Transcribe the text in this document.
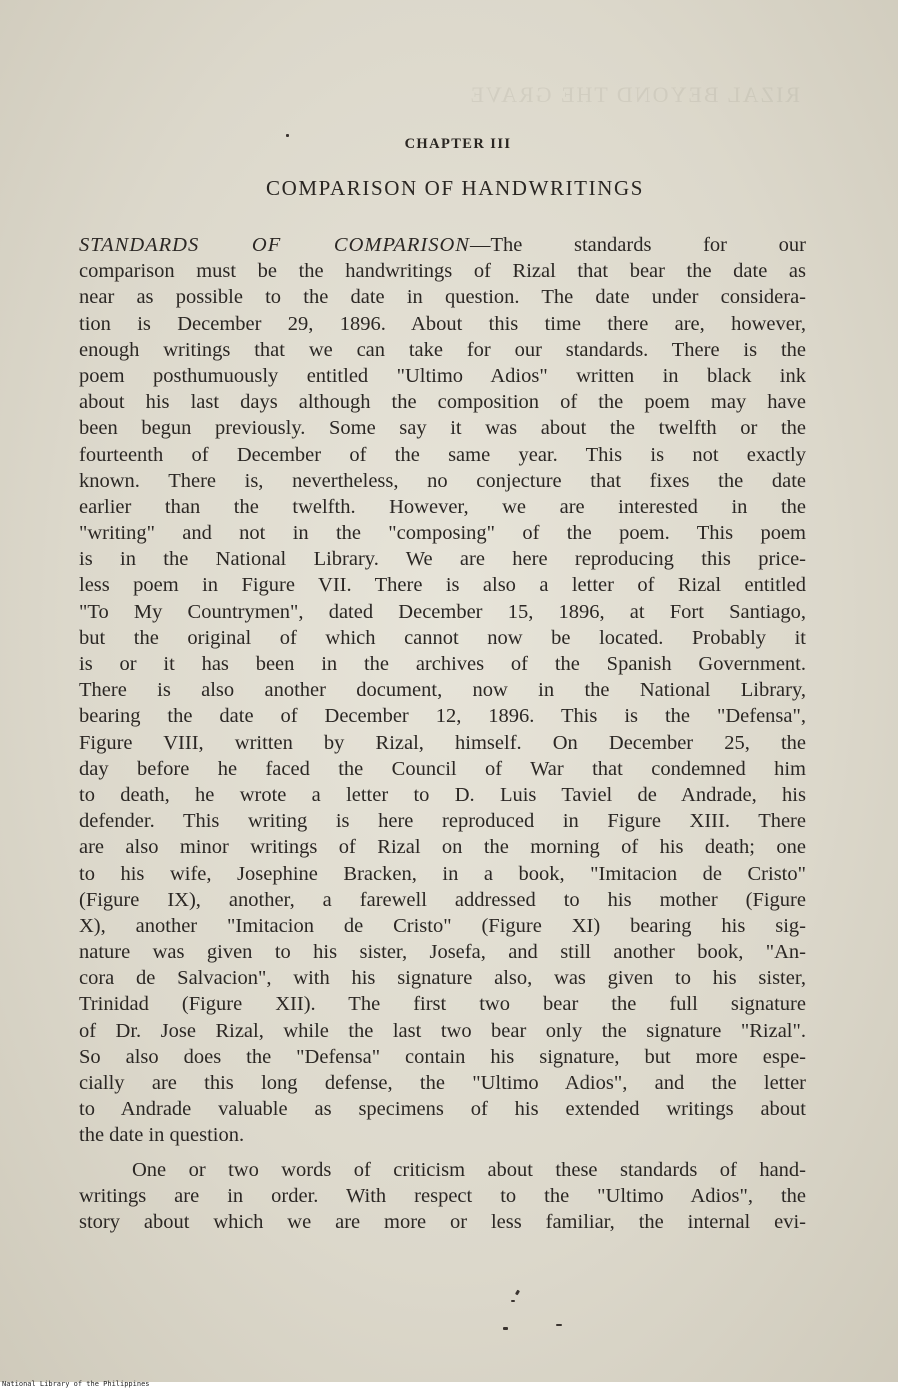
RIZAL BEYOND THE GRAVE
CHAPTER III
COMPARISON OF HANDWRITINGS
STANDARDS OF COMPARISON—The standards for our
comparison must be the handwritings of Rizal that bear the date as
near as possible to the date in question. The date under considera-
tion is December 29, 1896. About this time there are, however,
enough writings that we can take for our standards. There is the
poem posthumuously entitled "Ultimo Adios" written in black ink
about his last days although the composition of the poem may have
been begun previously. Some say it was about the twelfth or the
fourteenth of December of the same year. This is not exactly
known. There is, nevertheless, no conjecture that fixes the date
earlier than the twelfth. However, we are interested in the
"writing" and not in the "composing" of the poem. This poem
is in the National Library. We are here reproducing this price-
less poem in Figure VII. There is also a letter of Rizal entitled
"To My Countrymen", dated December 15, 1896, at Fort Santiago,
but the original of which cannot now be located. Probably it
is or it has been in the archives of the Spanish Government.
There is also another document, now in the National Library,
bearing the date of December 12, 1896. This is the "Defensa",
Figure VIII, written by Rizal, himself. On December 25, the
day before he faced the Council of War that condemned him
to death, he wrote a letter to D. Luis Taviel de Andrade, his
defender. This writing is here reproduced in Figure XIII. There
are also minor writings of Rizal on the morning of his death; one
to his wife, Josephine Bracken, in a book, "Imitacion de Cristo"
(Figure IX), another, a farewell addressed to his mother (Figure
X), another "Imitacion de Cristo" (Figure XI) bearing his sig-
nature was given to his sister, Josefa, and still another book, "An-
cora de Salvacion", with his signature also, was given to his sister,
Trinidad (Figure XII). The first two bear the full signature
of Dr. Jose Rizal, while the last two bear only the signature "Rizal".
So also does the "Defensa" contain his signature, but more espe-
cially are this long defense, the "Ultimo Adios", and the letter
to Andrade valuable as specimens of his extended writings about
the date in question.
One or two words of criticism about these standards of hand-
writings are in order. With respect to the "Ultimo Adios", the
story about which we are more or less familiar, the internal evi-
National Library of the Philippines
